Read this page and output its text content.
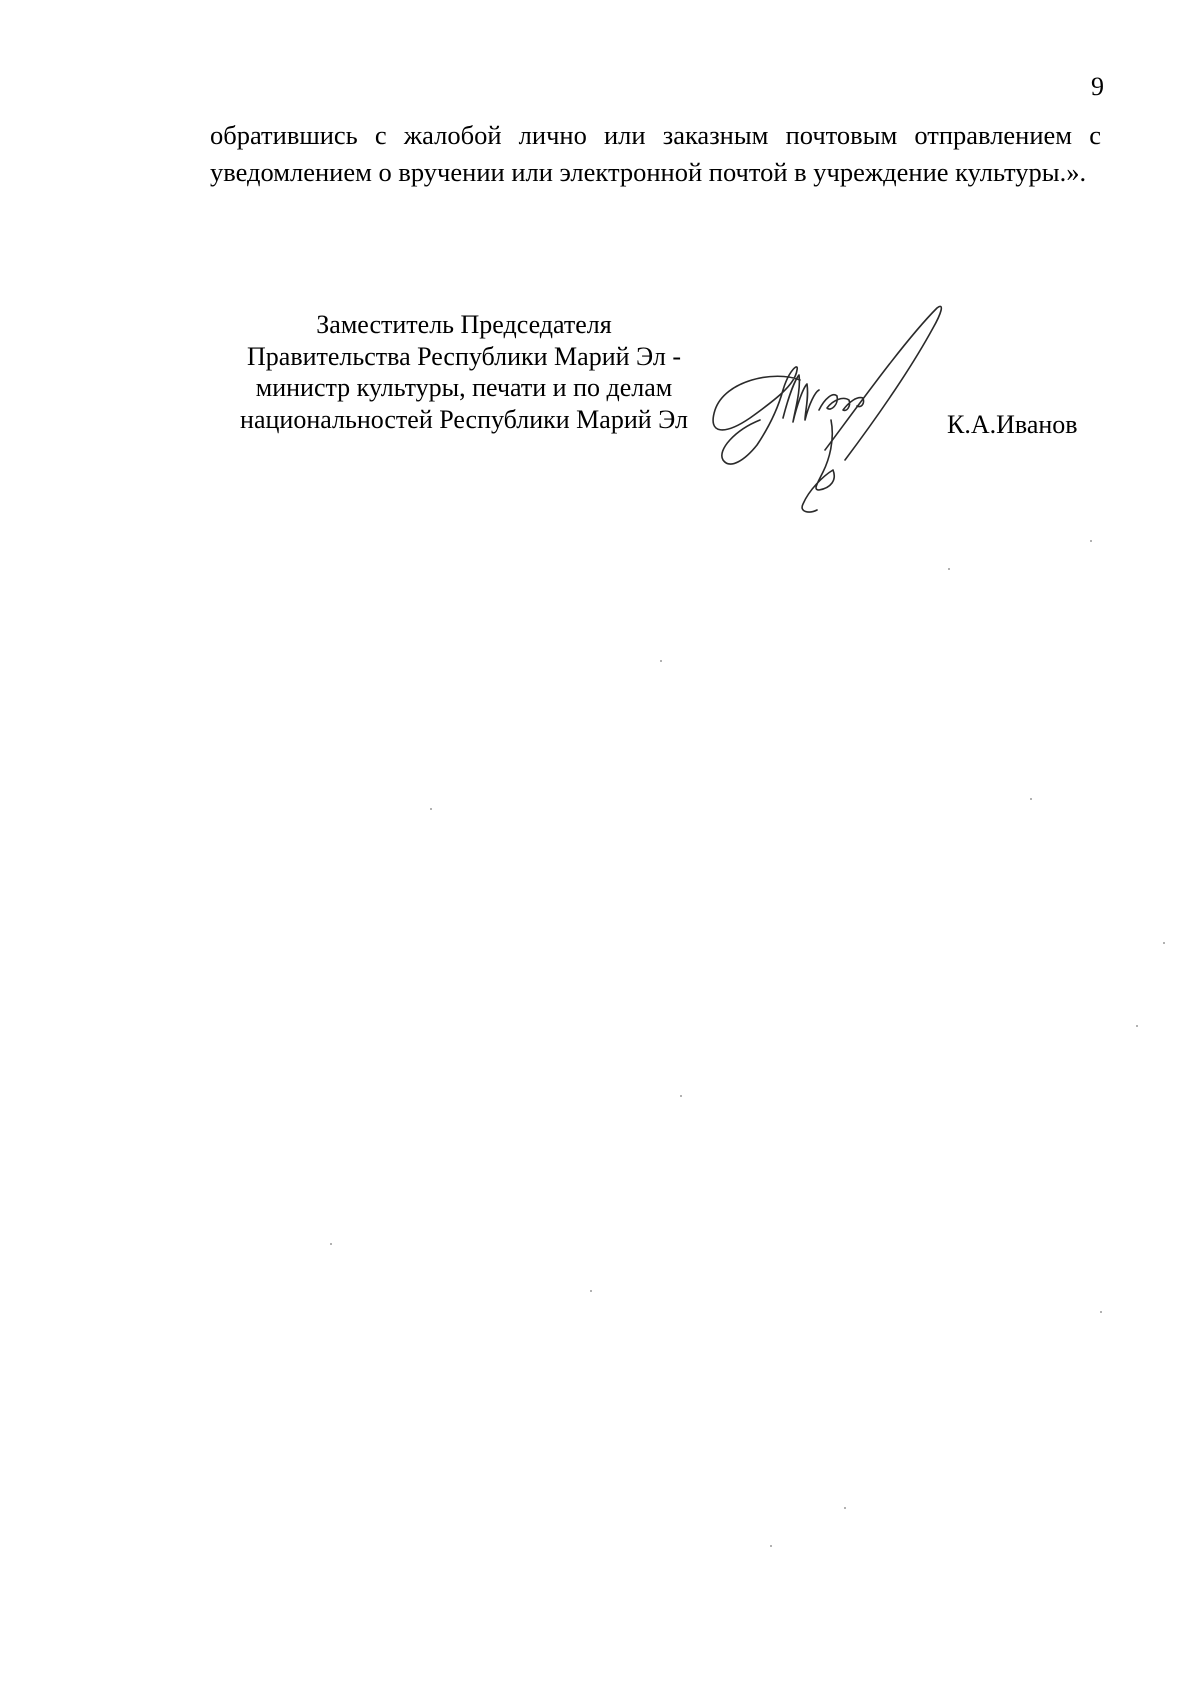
9

обратившись с жалобой лично или заказным почтовым отправлением с уведомлением о вручении или электронной почтой в учреждение культуры.».

Заместитель Председателя
Правительства Республики Марий Эл -
министр культуры, печати и по делам
национальностей Республики Марий Эл	К.А.Иванов
